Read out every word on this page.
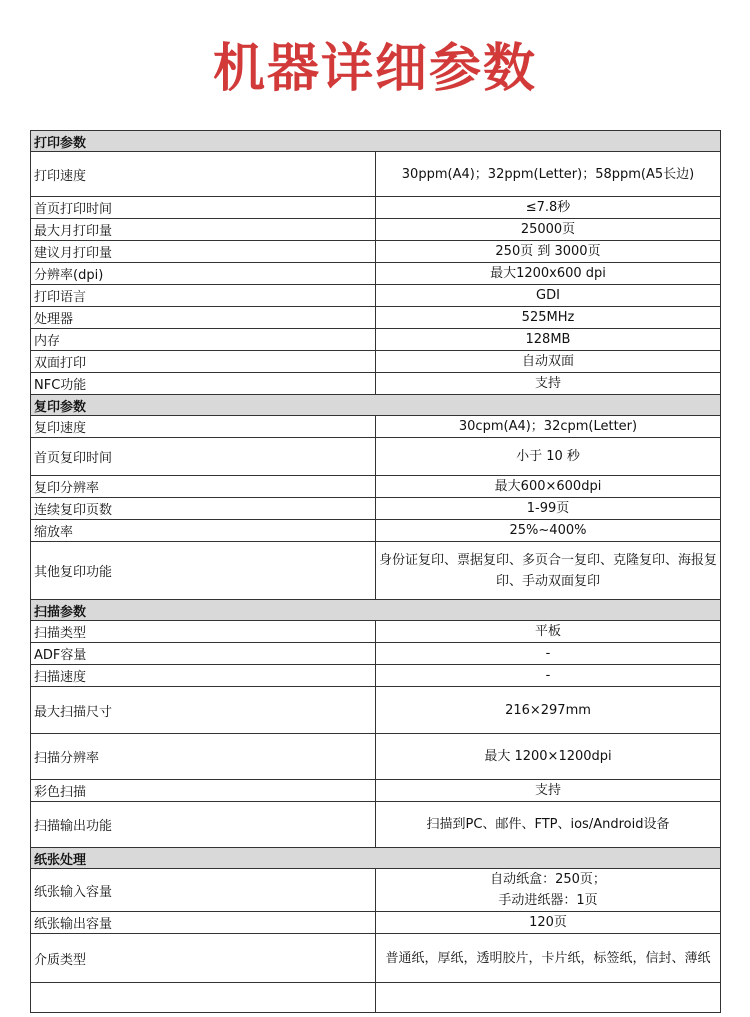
机器详细参数
打印参数	
打印速度	30ppm(A4)；32ppm(Letter)；58ppm(A5长边)
首页打印时间	≤7.8秒
最大月打印量	25000页
建议月打印量	250页 到 3000页
分辨率(dpi)	最大1200x600 dpi
打印语言	GDI
处理器	525MHz
内存	128MB
双面打印	自动双面
NFC功能	支持
复印参数	
复印速度	30cpm(A4)；32cpm(Letter)
首页复印时间	小于 10 秒
复印分辨率	最大600×600dpi
连续复印页数	1-99页
缩放率	25%~400%
其他复印功能	身份证复印、票据复印、多页合一复印、克隆复印、海报复印、手动双面复印
扫描参数	
扫描类型	平板
ADF容量	-
扫描速度	-
最大扫描尺寸	216×297mm
扫描分辨率	最大 1200×1200dpi
彩色扫描	支持
扫描输出功能	扫描到PC、邮件、FTP、ios/Android设备
纸张处理	
纸张输入容量	自动纸盒：250页；
手动进纸器：1页
纸张输出容量	120页
介质类型	普通纸，厚纸，透明胶片，卡片纸，标签纸，信封、薄纸
